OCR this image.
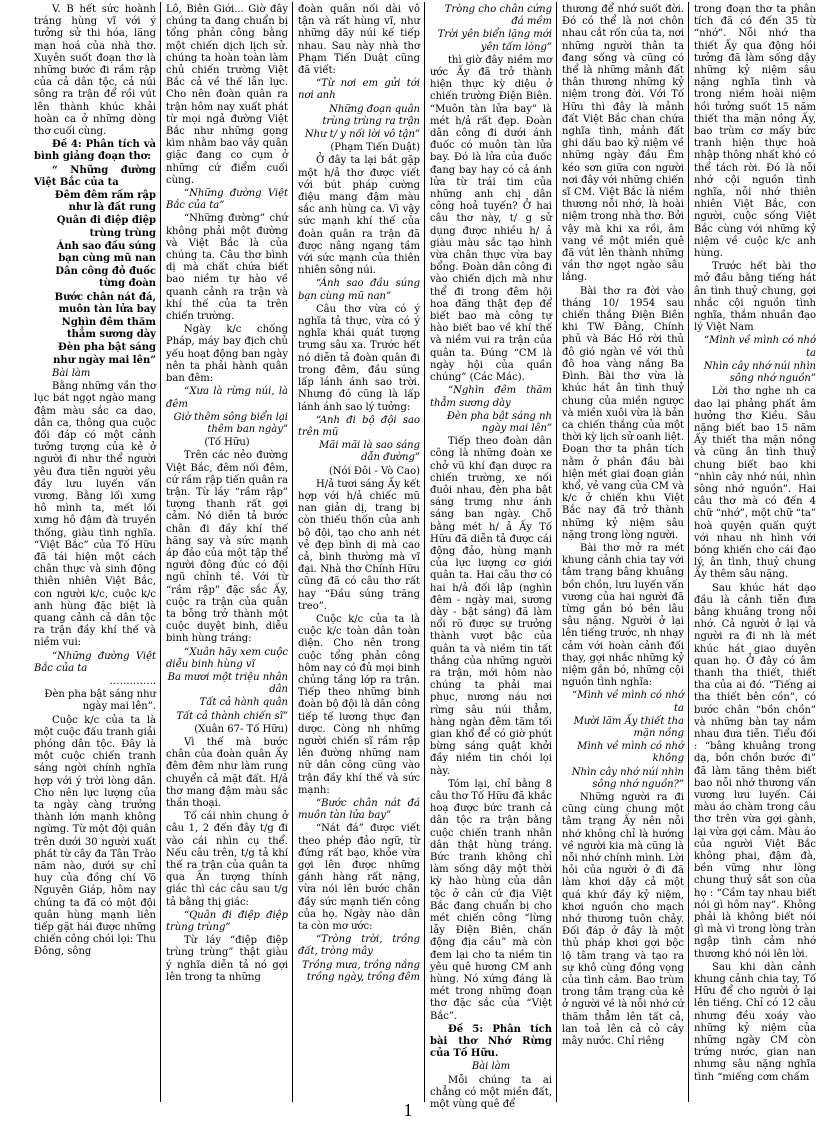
V. B hết sức hoành tráng hùng vĩ với ý tưởng sử thi hóa, lãng mạn hoá của nhà thơ. Xuyên suốt đoạn thơ là những bước đi rầm rập của cả dân tộc, cả núi sông ra trận để rồi vút lên thành khúc khải hoàn ca ở những dòng thơ cuối cùng.

Đề 4: Phân tích và bình giảng đoạn thơ:

“ Những đường Việt Bắc của ta

Đêm đêm rầm rập như là đất rung

Quân đi điệp điệp trùng trùng

Ánh sao đầu súng bạn cùng mũ nan

Dân công đỏ đuốc từng đoàn

Bước chân nát đá, muôn tàn lửa bay

Nghìn đêm thăm thẳm sương dày

Đèn pha bật sáng như ngày mai lên”

Bài làm

Bằng những vần thơ lục bát ngọt ngào mang đậm màu sắc ca dao, dân ca, thông qua cuộc đối đáp có một cảnh tưởng tượng của kẻ ở người đi như thể người yêu đưa tiễn người yêu đầy lưu luyến vấn vương. Bằng lối xưng hô mình ta, mết lối xưng hô đậm đà truyền thống, giàu tình nghĩa. “Việt Bắc” của Tố Hữu đã tái hiện một cách chân thực và sinh động thiên nhiên Việt Bắc, con người k/c, cuộc k/c anh hùng đặc biệt là quang cảnh cả dân tộc ra trận đầy khí thế và niềm vui:

“Những đường Việt Bắc của ta

…………..

Đèn pha bật sáng như ngày mai lên”.

Cuộc k/c của ta là một cuộc đấu tranh giải phóng dân tộc. Đây là một cuộc chiến tranh sáng ngời chính nghĩa hợp với ý trời lòng dân. Cho nên lực lượng của ta ngày càng trưởng thành lớn mạnh không ngừng. Từ một đội quân trên dưới 30 người xuất phát từ cây đa Tân Trào năm nào, dưới sự chỉ huy của đồng chí Võ Nguyên Giáp, hôm nay chúng ta đã có một đội quân hùng mạnh liên tiếp gặt hái được những chiến công chói lọi: Thu Đông, sông

Lô, Biên Giới... Giờ đây chúng ta đang chuẩn bị tổng phản công bằng một chiến dịch lịch sử. chúng ta hoàn toàn làm chủ chiến trường Việt Bắc cả về thế lẫn lực. Cho nên đoàn quân ra trận hôm nay xuất phát từ mọi ngả đường Việt Bắc như những gọng kìm nhằm bao vây quân giặc đang co cụm ở những cứ điểm cuối cùng.

“Những đường Việt Bắc của ta”

“Những đường” chứ không phải một đường và Việt Bắc là của chúng ta. Câu thơ bình dị mà chất chứa biết bao niềm tự hào về quanh cảnh ra trận và khí thế của ta trên chiến trường.

Ngày k/c chống Pháp, máy bay địch chủ yếu hoạt động ban ngày nên ta phải hành quân ban đêm:

“Xưa là rừng núi, là đêm

Giờ thêm sông biển lại thêm ban ngày”

(Tố Hữu)

Trên các nẻo đường Việt Bắc, đêm nối đêm, cứ rầm rập tiến quân ra trận. Từ láy “rầm rập” tượng thanh rất gợi cảm. Nó diễn tả bước chân đi đầy khí thế hăng say và sức mạnh áp đảo của một tập thể người đông đúc có đội ngũ chỉnh tề. Với từ “rầm rập” đặc sắc Ấy, cuộc ra trận của quân ta bỗng trở thành một cuộc duyệt binh, diễu binh hùng tráng:

“Xuân hãy xem cuộc diễu binh hùng vĩ

Ba mươi một triệu nhân dân

Tất cả hành quân

Tất cả thành chiến sĩ”

(Xuân 67- Tố Hữu)

Vì thế mà bước chân của đoàn quân Ấy đêm đêm như làm rung chuyển cả mặt đất. H/ả thơ mang đậm màu sắc thần thoại.

Tố cái nhìn chung ở câu 1, 2 đến đây t/g đi vào cái nhìn cụ thể. Nếu câu trên, t/g tả khí thế ra trận của quân ta qua Ấn tượng thính giác thì các câu sau t/g tả bằng thị giác:

“Quân đi điệp điệp trùng trùng”

Từ láy “điệp điệp trùng trùng” thật giàu ý nghĩa diễn tả nó gợi lên trong ta những

đoàn quân nối dài vô tận và rất hùng vĩ, như những dãy núi kế tiếp nhau. Sau này nhà thơ Phạm Tiến Duật cũng đã viết:

“Từ nơi em gửi tới nơi anh

Những đoạn quân trùng trùng ra trận

Như t/ y nối lời vô tận”

(Phạm Tiến Duật)

Ở đây ta lại bắt gặp một h/ả thơ được viết với bút pháp cường điệu mang đậm màu sắc anh hùng ca. Vì vậy sức mạnh khí thế của đoàn quân ra trận đã được nâng ngang tầm với sức mạnh của thiên nhiên sông núi.

“Ánh sao đầu súng bạn cùng mũ nan”

Câu thơ vừa có ý nghĩa tả thực, vừa có ý nghĩa khái quát tượng trưng sâu xa. Trước hết nó diễn tả đoàn quân đi trong đêm, đầu súng lấp lánh ánh sao trời. Nhưng đó cũng là lấp lánh ánh sao lý tưởng:

“Anh đi bộ đội sao trên mũ

Mãi mãi là sao sáng dẫn đường”

(Nói Đôi - Vò Cao)

H/ả tươi sáng Ấy kết hợp với h/ả chiếc mũ nan giản dị, trang bị còn thiếu thốn của anh bộ đội, tạo cho anh nét vẻ đẹp bình dị mà cao cả, bình thường mà vĩ đại. Nhà thơ Chính Hữu cũng đã có câu thơ rất hay “Đầu súng trăng treo”.

Cuộc k/c của ta là cuộc k/c toàn dân toàn diện. Cho nên trong cuộc tổng phản công hôm nay có đủ mọi binh chủng tầng lớp ra trận. Tiếp theo những binh đoàn bộ đội là dân công tiếp tế lương thực đạn dược. Còng nh những người chiến sĩ rầm rập lên đường những nam nữ dân công cũng vào trận đầy khí thế và sức mạnh:

“Bước chân nát đá muôn tàn lửa bay”

“Nát đá” được viết theo phép đảo ngữ, từ đứng rất bạo, khỏe vừa gợi lên được những gánh hàng rất nặng, vừa nói lên bước chân đầy sức mạnh tiến công của họ. Ngày nào dân ta còn mơ ước:

“Tròng trời, trồng đất, tròng mây

Trồng mưa, trồng nắng trồng ngày, trồng đêm

Tròng cho chân cứng đá mềm

Trời yên biển lặng mới yên tấm lòng”

thì giờ đây niềm mơ ước Ấy đã trở thành hiện thực kỳ diệu ở chiến trường Điện Biên. “Muôn tàn lửa bay” là mét h/ả rất đẹp. Đoàn dân công đi dưới ánh đuốc có muôn tàn lửa bay. Đó là lửa của đuốc đang bay hay có cả ánh lửa từ trái tim của những anh chị dân công hoả tuyến? Ở hai câu thơ này, t/ g sử dụng được nhiều h/ ả giàu màu sắc tạo hình vừa chân thực vừa bay bổng. Đoàn dân công đi vào chiến dịch mà như thể đi trong đêm hội hoa đăng thật đẹp để biết bao mà công tự hào biết bao về khí thế và niềm vui ra trận của quân ta. Đúng “CM là ngày hội của quần chúng” (Các Mác).

“Nghìn đêm thăm thẳm sương dày

Đèn pha bật sáng nh ngày mai lên”

Tiếp theo đoàn dân công là những đoàn xe chở vũ khí đạn dược ra chiến trường, xe nối đuôi nhau, đèn pha bật sáng trưng như ánh sáng ban ngày. Chỗ bằng mét h/ ả Ấy Tố Hữu đã diễn tả được cái động đảo, hùng mạnh của lực lượng cơ giới quân ta. Hai câu thơ có hai h/ả đối lập (nghìn đêm - ngày mai, sương dày - bật sáng) đã làm nổi rõ được sự trưởng thành vượt bậc của quân ta và niềm tin tất thắng của những người ra trận, mới hôm nào chúng ta phải mai phục, nương náu nơi rừng sâu núi thẳm, hàng ngàn đêm tăm tối gian khổ để có giờ phút bừng sáng quật khởi đầy niềm tin chói lọi này.

Tóm lại, chỉ bằng 8 câu thơ Tố Hữu đã khắc hoạ được bức tranh cả dân tộc ra trận bằng cuộc chiến tranh nhân dân thật hùng tráng. Bức tranh không chỉ làm sống dậy một thời kỳ hào hùng của dân tộc ở cản cứ địa Việt Bắc đang chuẩn bị cho mét chiến công “lừng lẫy Điện Biên, chấn động địa cầu” mà còn đem lại cho ta niềm tin yêu quê hương CM anh hùng. Nó xứng đáng là mét trong những đoạn thơ đặc sắc của “Việt Bắc”.

Đề 5: Phân tích bài thơ Nhớ Rừng của Tố Hữu.

Bài làm

Mỗi chúng ta ai chẳng có một miền đất, một vùng quê để

thương để nhớ suốt đời. Đó có thể là nơi chôn nhau cắt rốn của ta, nơi những người thân ta đang sống và cũng có thể là những mảnh đất thân thương những kỷ niệm trong đời. Với Tố Hữu thì đây là mảnh đất Việt Bắc chan chứa nghĩa tình, mảnh đất ghi dấu bao kỷ niệm về những ngày đầu Ém kéo sơn giữa con người nơi đây với những chiến sĩ CM. Việt Bắc là niềm thương nỗi nhớ, là hoài niệm trong nhà thơ. Bởi vậy mà khi xa rồi, âm vang về một miền quê đã vút lên thành những vần thơ ngọt ngào sâu lắng.

Bài thơ ra đời vào tháng 10/ 1954 sau chiến thắng Điện Biên khi TW Đảng, Chính phủ và Bác Hồ rời thủ đô gió ngàn về với thủ đô hoa vàng nắng Ba Đình. Bài thơ vừa là khúc hát ân tình thuỷ chung của miền ngược và miền xuôi vừa là bản ca chiến thắng của một thời kỳ lịch sử oanh liệt. Đoạn thơ ta phân tích nằm ở phần đầu bài hiện mét giai đoạn giản khổ, vẻ vang của CM và k/c ở chiến khu Việt Bắc nay đã trở thành những kỷ niệm sâu nặng trong lòng người.

Bài thơ mở ra mét khung cảnh chia tay với tâm trạng bâng khuâng bồn chồn, lưu luyến vấn vương của hai người đã từng gắn bó bền lâu sâu nặng. Người ở lại lên tiếng trước, nh nhạy cảm với hoàn cảnh đối thay, gợi nhắc những kỷ niệm gắn bó, những cội nguồn tình nghĩa:

“Mình về mình có nhớ ta

Mười lăm Ấy thiết tha mặn nồng

Mình về mình có nhớ không

Nhìn cây nhớ núi nhìn sông nhớ nguồn?”

Những người ra đi cũng cùng chung một tâm trạng Ấy nên nỗi nhớ không chỉ là hướng về người kia mà cũng là nỗi nhớ chính mình. Lời hỏi của người ở đi đã làm khơi dậy cả một quá khứ đầy kỷ niệm, khơi nguồn cho mạch nhớ thương tuôn chảy. Đối đáp ở đây là một thủ pháp khơi gợi bộc lộ tâm trạng và tạo ra sự khô cùng đồng vọng của tình cảm. Bao trùm trong tâm trạng của kẻ ở người về là nỗi nhớ cứ thăm thẳm lên tất cả, lan toả lên cả cỏ cây mây nước. Chỉ riêng

trong đoạn thơ ta phân tích đã có đến 35 từ “nhớ”. Nỗi nhớ tha thiết Ấy qua động hồi tưởng đã làm sống dậy những kỷ niệm sâu nặng nghĩa tình và trong niềm hoài niệm hồi tưởng suốt 15 năm thiết tha mặn nồng Ấy, bao trùm cơ mấy bức tranh hiện thực hoà nhập thông nhất khó có thể tách rời. Đó là nỗi nhớ cội nguồn tình nghĩa, nỗi nhớ thiên nhiên Việt Bắc, con người, cuộc sống Việt Bắc cùng với những kỷ niệm về cuộc k/c anh hùng.

Trước hết bài thơ mở đầu bằng tiếng hát ân tình thuỷ chung, gợi nhắc cội nguồn tình nghĩa, thắm nhuần đạo lý Việt Nam

“Mình về mình có nhớ ta

Nhìn cây nhớ núi nhìn sông nhớ nguồn”

Lời thơ nghe nh ca dao lại phảng phất âm hưởng thơ Kiều. Sâu nặng biết bao 15 năm Ấy thiết tha mặn nồng và cũng ân tình thuỷ chung biết bao khi “nhìn cây nhớ núi, nhìn sông nhớ nguồn”. Hai câu thơ mà có đến 4 chữ “nhớ”, một chữ “ta” hoà quyện quấn quýt với nhau nh hình với bóng khiến cho cái đạo lý, ân tình, thuỷ chung Ấy thêm sâu nặng.

Sau khúc hát dạo đầu là cảnh tiễn đưa bâng khuâng trong nỗi nhớ. Cả người ở lại và người ra đi nh là mét khúc hát giao duyên quan họ. Ở đây có âm thanh tha thiết, thiết tha của ai đó. “Tiếng ai tha thiết bên cồn”, có bước chân “bồn chồn” và những bàn tay nắm nhau đưa tiễn. Tiểu đối : “bâng khuâng trong dạ, bồn chồn bước đi” đã làm tăng thêm biết bao nỗi nhớ thương vấn vương lưu luyến. Cái màu áo chàm trong câu thơ trên vừa gợi gành, lại vừa gợi cảm. Màu áo của người Việt Bắc không phai, đậm đà, bền vững như lòng chung thuỷ sắt son của họ : “Cầm tay nhau biết nói gì hôm nay”. Không phải là không biết nói gì mà vì trong lòng tràn ngập tình cảm nhớ thương khó nói lên lời.

Sau khi dàn cảnh khung cảnh chia tay, Tố Hữu để cho người ở lại lên tiếng. Chỉ có 12 câu nhưng đều xoáy vào những kỷ niệm của những ngày CM còn trứng nước, gian nan nhưng sâu nặng nghĩa tình “miếng cơm chấm

1
